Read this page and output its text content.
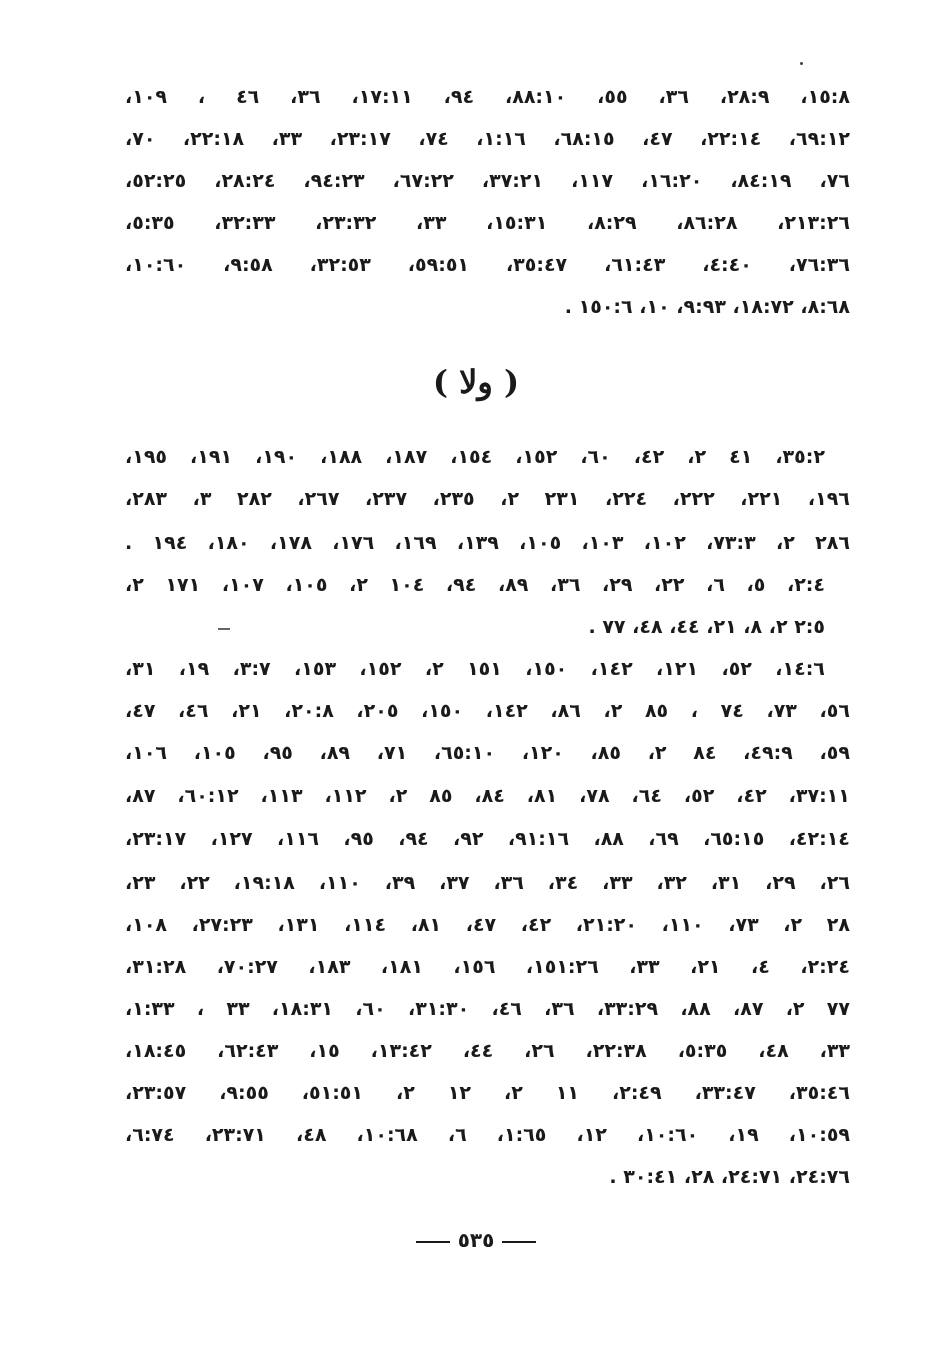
١٥:٨، ٢٨:٩، ٣٦، ٥٥، ٨٨:١٠، ٩٤، ١٧:١١، ٣٦، ٤٦ ، ١٠٩،
٦٩:١٢، ٢٢:١٤، ٤٧، ٦٨:١٥، ١:١٦، ٧٤، ٢٣:١٧، ٣٣، ٢٢:١٨، ٧٠،
٧٦، ٨٤:١٩، ١٦:٢٠، ١١٧، ٣٧:٢١، ٦٧:٢٢، ٩٤:٢٣، ٢٨:٢٤، ٥٢:٢٥،
٢١٣:٢٦، ٨٦:٢٨، ٨:٢٩، ١٥:٣١، ٣٣، ٢٣:٣٢، ٣٢:٣٣، ٥:٣٥،
٧٦:٣٦، ٤:٤٠، ٦١:٤٣، ٣٥:٤٧، ٥٩:٥١، ٣٢:٥٣، ٩:٥٨، ١٠:٦٠،
٨:٦٨، ١٨:٧٢، ٩:٩٣، ١٠، ١٥٠:٦ .
( ولا )
٣٥:٢، ٤١ ٢، ٤٢، ٦٠، ١٥٢، ١٥٤، ١٨٧، ١٨٨، ١٩٠، ١٩١، ١٩٥،
١٩٦، ٢٢١، ٢٢٢، ٢٢٤، ٢٣١ ٢، ٢٣٥، ٢٣٧، ٢٦٧، ٢٨٢ ٣، ٢٨٣،
٢٨٦ ٢، ٧٣:٣، ١٠٢، ١٠٣، ١٠٥، ١٣٩، ١٦٩، ١٧٦، ١٧٨، ١٨٠، ١٩٤ .
٢:٤، ٥، ٦، ٢٢، ٢٩، ٣٦، ٨٩، ٩٤، ١٠٤ ٢، ١٠٥، ١٠٧، ١٧١ ٢،
٢:٥ ٢، ٨، ٢١، ٤٤، ٤٨، ٧٧ .
١٤:٦، ٥٢، ١٢١، ١٤٢، ١٥٠، ١٥١ ٢، ١٥٢، ١٥٣، ٣:٧، ١٩، ٣١،
٥٦، ٧٣، ٧٤ ، ٨٥ ٢، ٨٦، ١٤٢، ١٥٠، ٢٠٥، ٢٠:٨، ٢١، ٤٦، ٤٧،
٥٩، ٤٩:٩، ٨٤ ٢، ٨٥، ١٢٠، ٦٥:١٠، ٧١، ٨٩، ٩٥، ١٠٥، ١٠٦،
٣٧:١١، ٤٢، ٥٢، ٦٤، ٧٨، ٨١، ٨٤، ٨٥ ٢، ١١٢، ١١٣، ٦٠:١٢، ٨٧،
٤٢:١٤، ٦٥:١٥، ٦٩، ٨٨، ٩١:١٦، ٩٢، ٩٤، ٩٥، ١١٦، ١٢٧، ٢٣:١٧،
٢٦، ٢٩، ٣١، ٣٢، ٣٣، ٣٤، ٣٦، ٣٧، ٣٩، ١١٠، ١٩:١٨، ٢٢، ٢٣،
٢٨ ٢، ٧٣، ١١٠، ٢١:٢٠، ٤٢، ٤٧، ٨١، ١١٤، ١٣١، ٢٧:٢٣، ١٠٨،
٢:٢٤، ٤، ٢١، ٣٣، ١٥١:٢٦، ١٥٦، ١٨١، ١٨٣، ٧٠:٢٧، ٣١:٢٨،
٧٧ ٢، ٨٧، ٨٨، ٣٣:٢٩، ٣٦، ٤٦، ٣١:٣٠، ٦٠، ١٨:٣١، ٣٣ ، ١:٣٣،
٣٣، ٤٨، ٥:٣٥، ٢٢:٣٨، ٢٦، ٤٤، ١٣:٤٢، ١٥، ٦٢:٤٣، ١٨:٤٥،
٣٥:٤٦، ٣٣:٤٧، ٢:٤٩، ١١ ٢، ١٢ ٢، ٥١:٥١، ٩:٥٥، ٢٣:٥٧،
١٠:٥٩، ١٩، ١٠:٦٠، ١٢، ١:٦٥، ٦، ١٠:٦٨، ٤٨، ٢٣:٧١، ٦:٧٤،
٢٤:٧٦، ٢٤:٧١، ٢٨، ٣٠:٤١ .
٥٣٥
